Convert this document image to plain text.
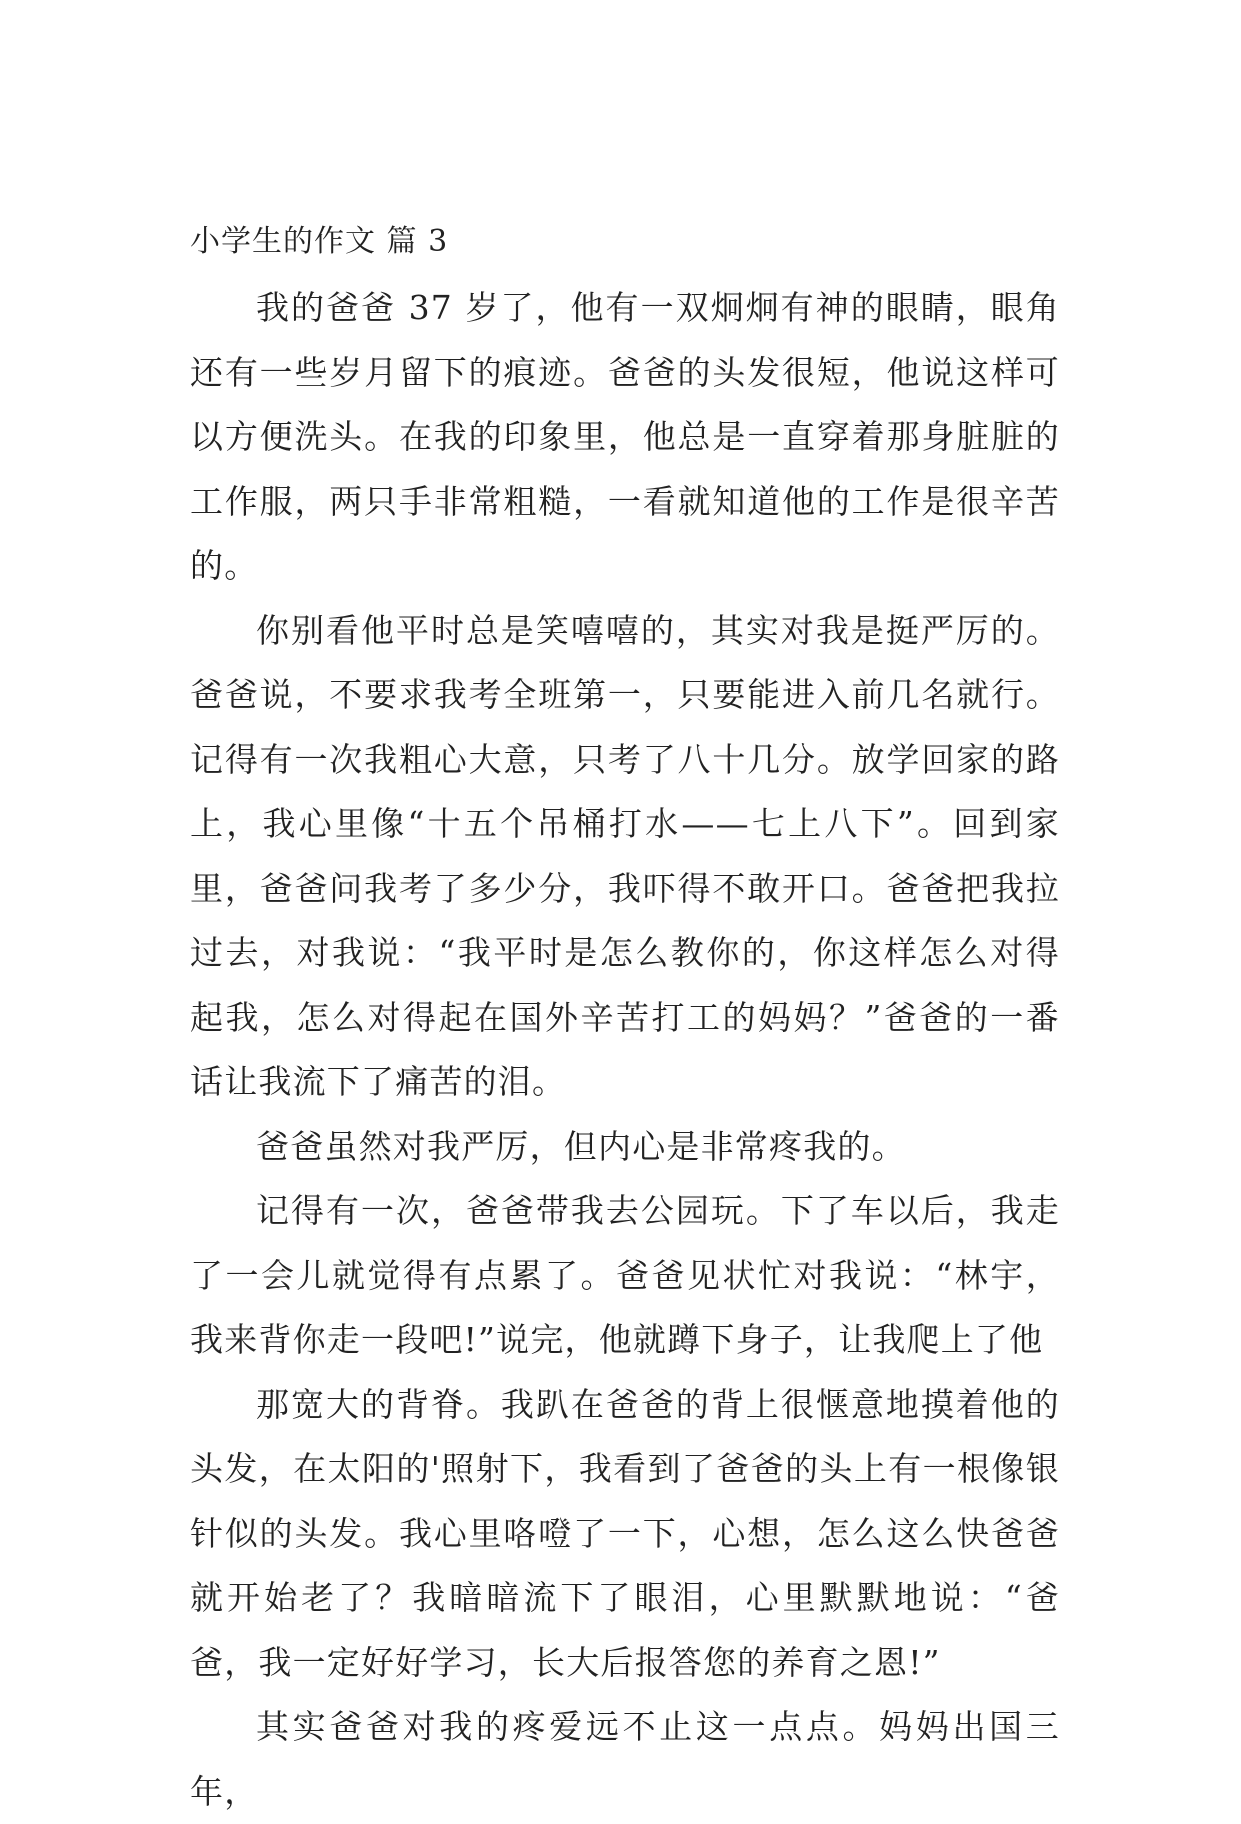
小学生的作文 篇 3

我的爸爸 37 岁了，他有一双炯炯有神的眼睛，眼角还有一些岁月留下的痕迹。爸爸的头发很短，他说这样可以方便洗头。在我的印象里，他总是一直穿着那身脏脏的工作服，两只手非常粗糙，一看就知道他的工作是很辛苦的。

你别看他平时总是笑嘻嘻的，其实对我是挺严厉的。爸爸说，不要求我考全班第一，只要能进入前几名就行。记得有一次我粗心大意，只考了八十几分。放学回家的路上，我心里像“十五个吊桶打水——七上八下”。回到家里，爸爸问我考了多少分，我吓得不敢开口。爸爸把我拉过去，对我说：“我平时是怎么教你的，你这样怎么对得起我，怎么对得起在国外辛苦打工的妈妈？”爸爸的一番话让我流下了痛苦的泪。

爸爸虽然对我严厉，但内心是非常疼我的。

记得有一次，爸爸带我去公园玩。下了车以后，我走了一会儿就觉得有点累了。爸爸见状忙对我说：“林宇，我来背你走一段吧!”说完，他就蹲下身子，让我爬上了他

那宽大的背脊。我趴在爸爸的背上很惬意地摸着他的头发，在太阳的'照射下，我看到了爸爸的头上有一根像银针似的头发。我心里咯噔了一下，心想，怎么这么快爸爸就开始老了？我暗暗流下了眼泪，心里默默地说：“爸爸，我一定好好学习，长大后报答您的养育之恩!”

其实爸爸对我的疼爱远不止这一点点。妈妈出国三年，
